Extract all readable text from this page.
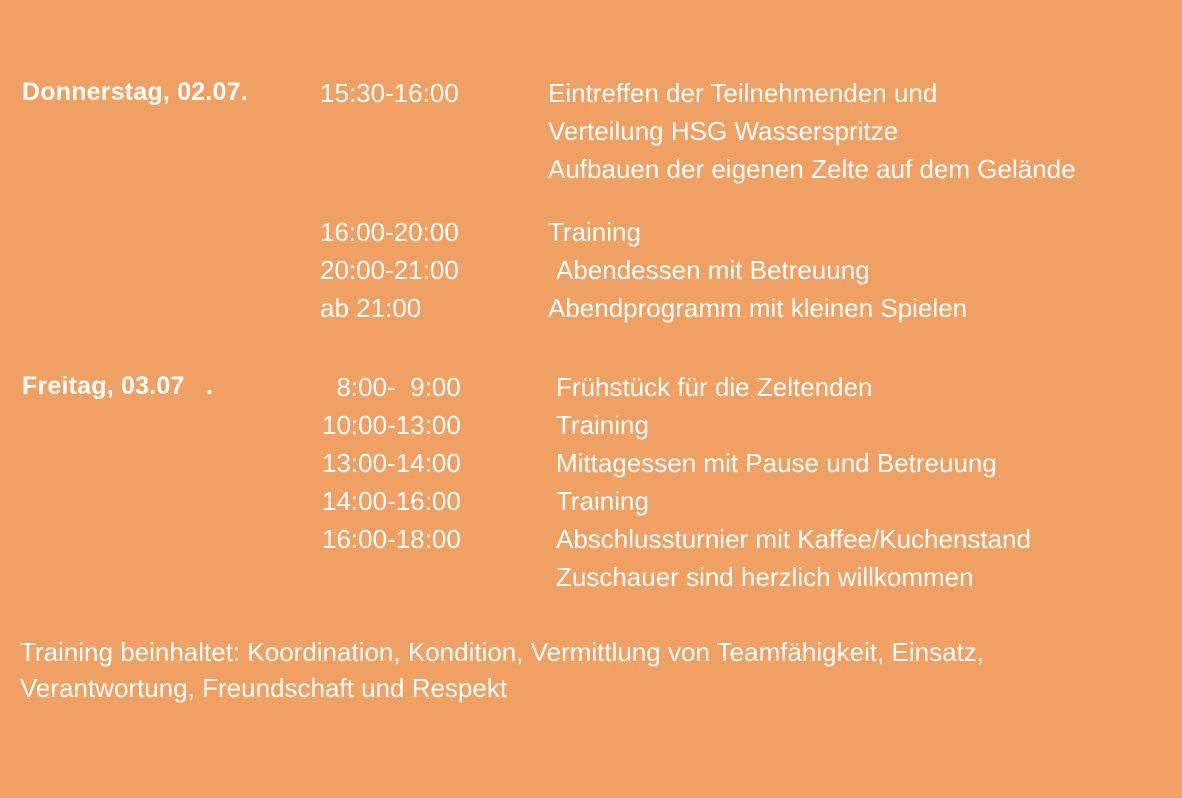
Donnerstag, 02.07.	15:30-16:00	Eintreffen der Teilnehmenden und
Verteilung HSG Wasserspritze
Aufbauen der eigenen Zelte auf dem Gelände
16:00-20:00	Training
20:00-21:00	Abendessen mit Betreuung
ab 21:00	Abendprogramm mit kleinen Spielen
Freitag, 03.07   .	8:00-  9:00	Frühstück für die Zeltenden
10:00-13:00	Training
13:00-14:00	Mittagessen mit Pause und Betreuung
14:00-16:00	Training
16:00-18:00	Abschlussturnier mit Kaffee/Kuchenstand
Zuschauer sind herzlich willkommen
Training beinhaltet: Koordination, Kondition, Vermittlung von Teamfähigkeit, Einsatz,
Verantwortung, Freundschaft und Respekt
